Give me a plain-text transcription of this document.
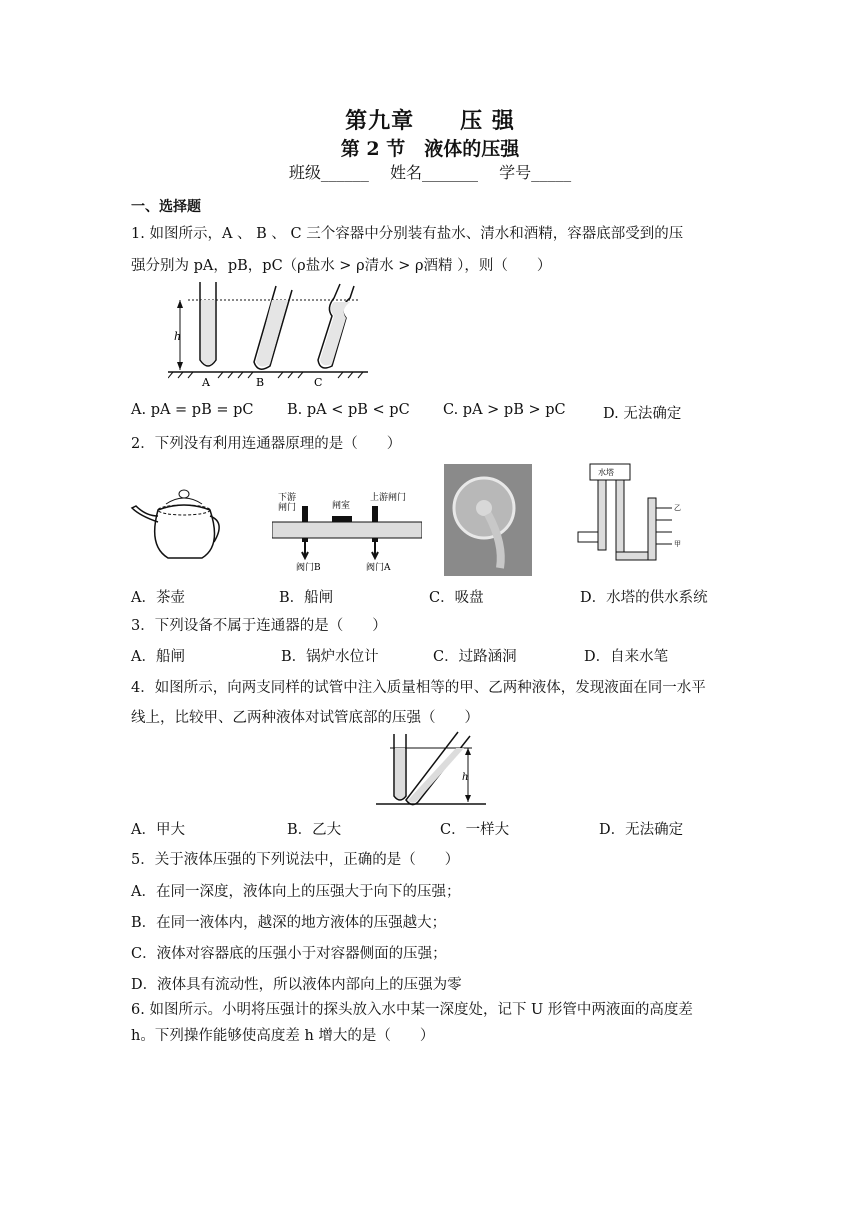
第九章　　压 强
第 2 节　液体的压强
班级______　 姓名_______　 学号_____
一、选择题
1. 如图所示，A 、 B 、 C 三个容器中分别装有盐水、清水和酒精，容器底部受到的压
强分别为 pA，pB，pC（ρ盐水 > ρ清水 > ρ酒精 ），则（　　）
h
A	B	C
A. pA = pB = pC B. pA < pB < pC C. pA > pB > pC	D. 无法确定
2．下列没有利用连通器原理的是（　　）
下游
闸门	闸室
上游闸门
阀门B	阀门A
水塔
乙
甲
A．茶壶	B．船闸	C．吸盘	D．水塔的供水系统
3．下列设备不属于连通器的是（　　）
A．船闸	B．锅炉水位计	C．过路涵洞	D．自来水笔
4．如图所示，向两支同样的试管中注入质量相等的甲、乙两种液体，发现液面在同一水平
线上，比较甲、乙两种液体对试管底部的压强（　　）
h
A．甲大	B．乙大	C．一样大	D．无法确定
5．关于液体压强的下列说法中，正确的是（　　）
A．在同一深度，液体向上的压强大于向下的压强；
B．在同一液体内，越深的地方液体的压强越大；
C．液体对容器底的压强小于对容器侧面的压强；
D．液体具有流动性，所以液体内部向上的压强为零
6. 如图所示。小明将压强计的探头放入水中某一深度处，记下 U 形管中两液面的高度差
h。下列操作能够使高度差 h 增大的是（　　）
